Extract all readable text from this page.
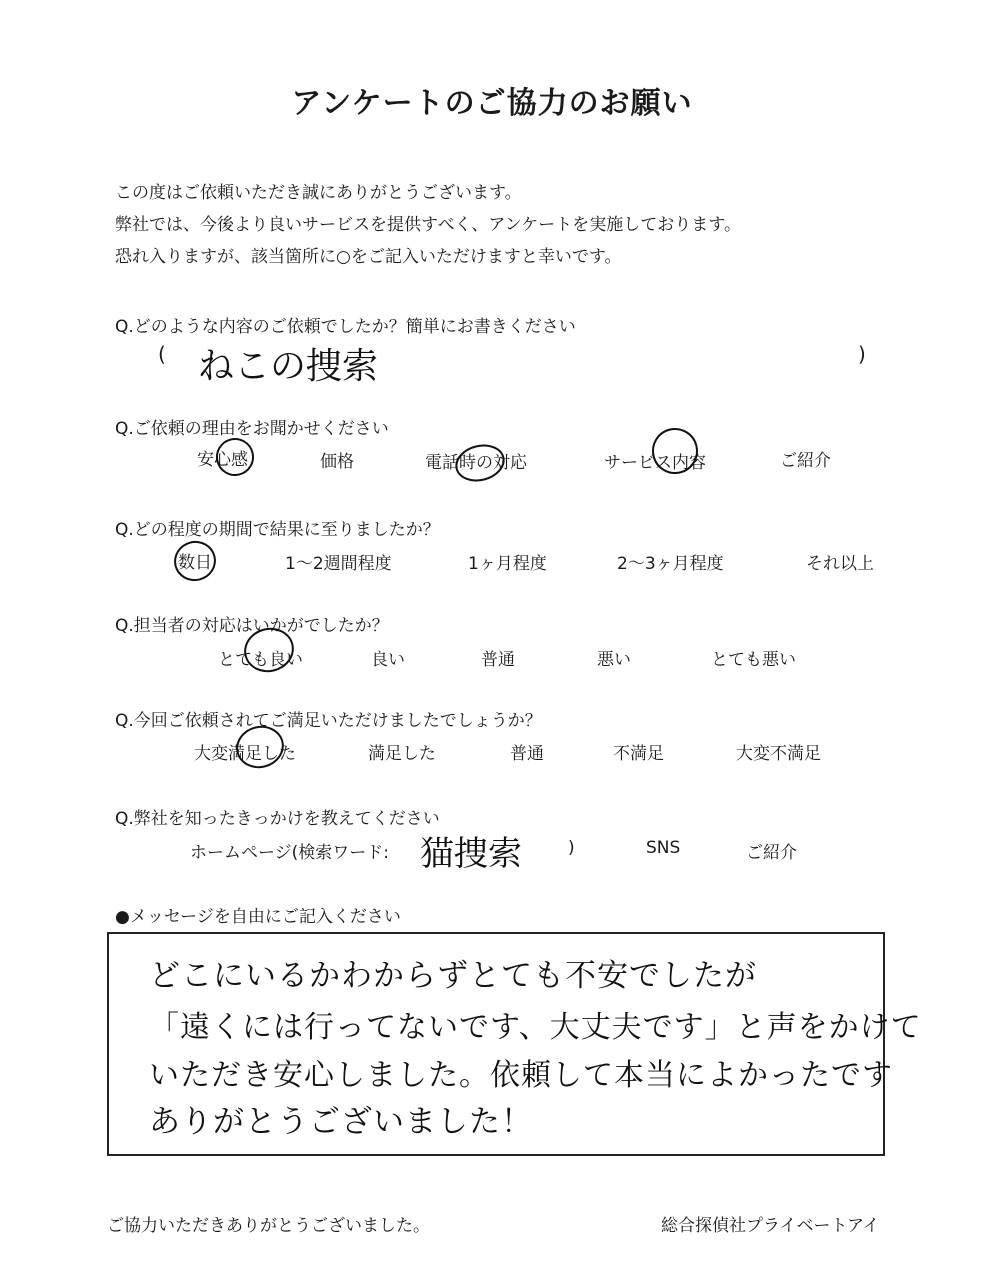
アンケートのご協力のお願い
この度はご依頼いただき誠にありがとうございます。
弊社では、今後より良いサービスを提供すべく、アンケートを実施しております。
恐れ入りますが、該当箇所に○をご記入いただけますと幸いです。
Q.どのような内容のご依頼でしたか？簡単にお書きください
( ねこの捜索	)
Q.ご依頼の理由をお聞かせください
安心感	価格	電話時の対応	サービス内容	ご紹介
Q.どの程度の期間で結果に至りましたか？
数日	1～2週間程度	1ヶ月程度	2～3ヶ月程度	それ以上
Q.担当者の対応はいかがでしたか？
とても良い	良い	普通	悪い	とても悪い
Q.今回ご依頼されてご満足いただけましたでしょうか？
大変満足した	満足した	普通	不満足	大変不満足
Q.弊社を知ったきっかけを教えてください
ホームページ(検索ワード: 猫捜索	)	SNS	ご紹介
●メッセージを自由にご記入ください
どこにいるかわからずとても不安でしたが
「遠くには行ってないです、大丈夫です」と声をかけて
いただき安心しました。依頼して本当によかったです
ありがとうございました！
ご協力いただきありがとうございました。	総合探偵社プライベートアイ
